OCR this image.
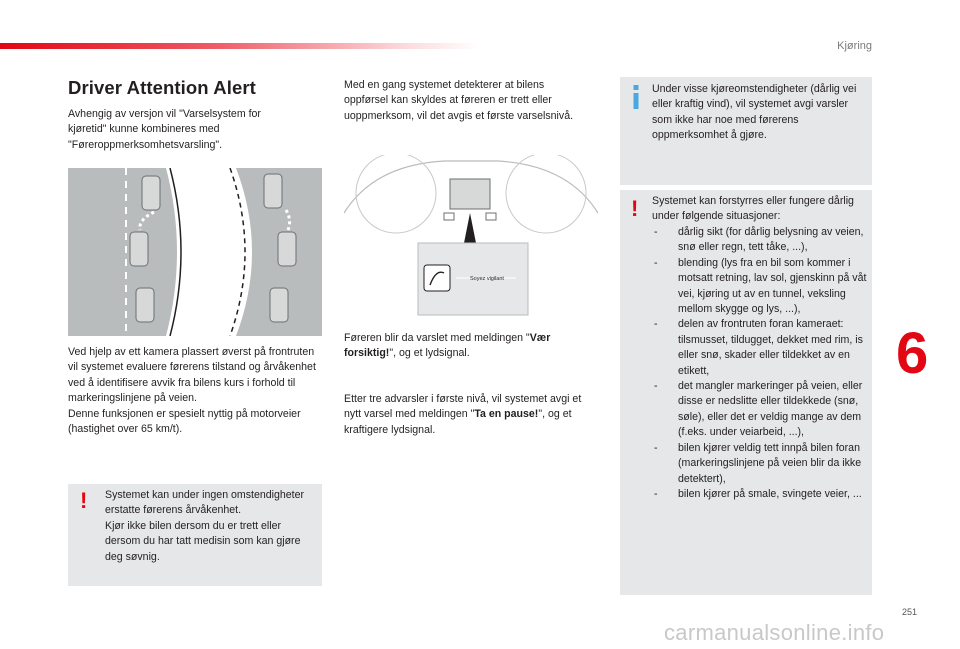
Kjøring
6
Driver Attention Alert

Avhengig av versjon vil "Varselsystem for kjøretid" kunne kombineres med "Føreroppmerksomhetsvarsling".

Ved hjelp av ett kamera plassert øverst på frontruten vil systemet evaluere førerens tilstand og årvåkenhet ved å identifisere avvik fra bilens kurs i forhold til markeringslinjene på veien.

Denne funksjonen er spesielt nyttig på motorveier (hastighet over 65 km/t).

! Systemet kan under ingen omstendigheter erstatte førerens årvåkenhet.
Kjør ikke bilen dersom du er trett eller dersom du har tatt medisin som kan gjøre deg søvnig.

Med en gang systemet detekterer at bilens oppførsel kan skyldes at føreren er trett eller uoppmerksom, vil det avgis et første varselsnivå.

Soyez vigilant

Føreren blir da varslet med meldingen "Vær forsiktig!", og et lydsignal.

Etter tre advarsler i første nivå, vil systemet avgi et nytt varsel med meldingen "Ta en pause!", og et kraftigere lydsignal.

Under visse kjøreomstendigheter (dårlig vei eller kraftig vind), vil systemet avgi varsler som ikke har noe med førerens oppmerksomhet å gjøre.

! Systemet kan forstyrres eller fungere dårlig under følgende situasjoner:

- dårlig sikt (for dårlig belysning av veien, snø eller regn, tett tåke, ...),
- blending (lys fra en bil som kommer i motsatt retning, lav sol, gjenskinn på våt vei, kjøring ut av en tunnel, veksling mellom skygge og lys, ...),
- delen av frontruten foran kameraet: tilsmusset, tildugget, dekket med rim, is eller snø, skader eller tildekket av en etikett,
- det mangler markeringer på veien, eller disse er nedslitte eller tildekkede (snø, søle), eller det er veldig mange av dem (f.eks. under veiarbeid, ...),
- bilen kjører veldig tett innpå bilen foran (markeringslinjene på veien blir da ikke detektert),
- bilen kjører på smale, svingete veier, ...
251
carmanualsonline.info
